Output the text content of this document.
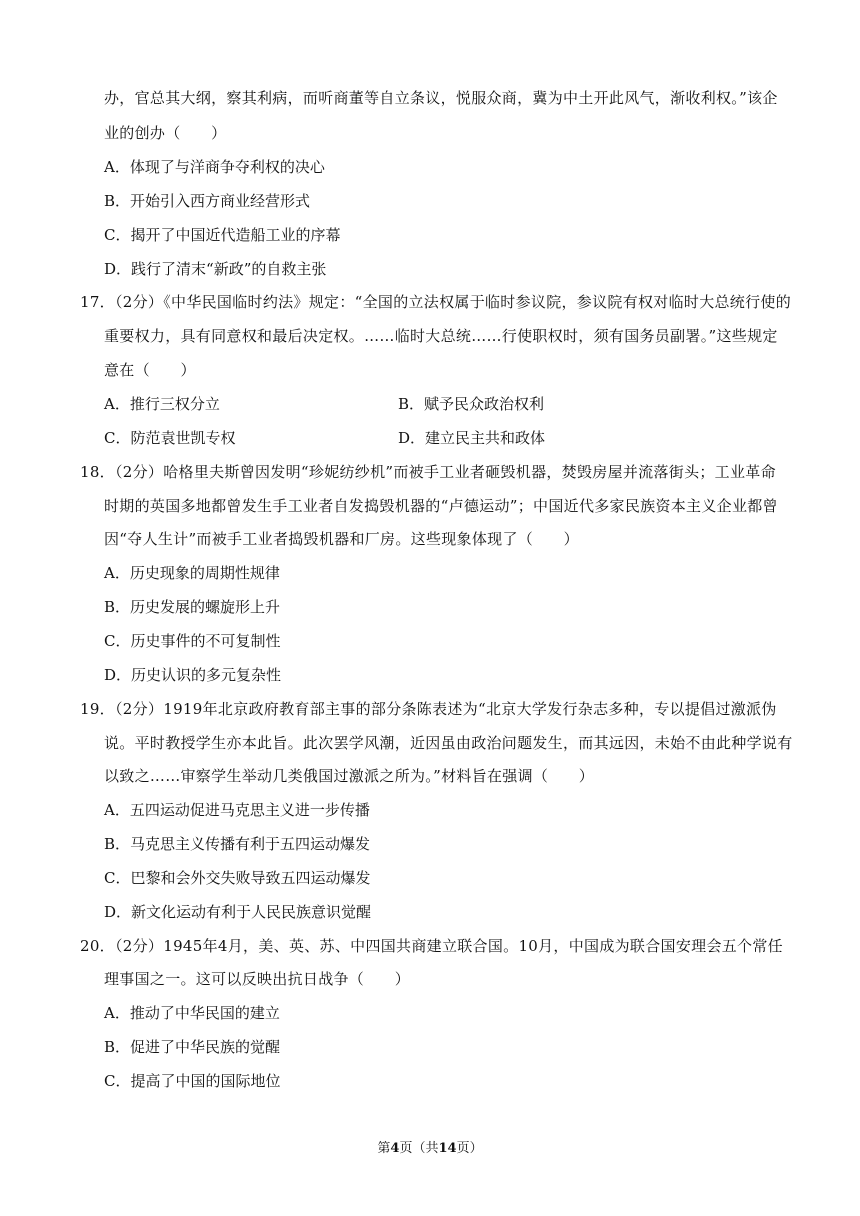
办，官总其大纲，察其利病，而听商董等自立条议，悦服众商，冀为中土开此风气，渐收利权。”该企
业的创办（　　）
A．体现了与洋商争夺利权的决心
B．开始引入西方商业经营形式
C．揭开了中国近代造船工业的序幕
D．践行了清末“新政”的自救主张
17．（2分）《中华民国临时约法》规定：“全国的立法权属于临时参议院，参议院有权对临时大总统行使的
重要权力，具有同意权和最后决定权。……临时大总统……行使职权时，须有国务员副署。”这些规定
意在（　　）
A．推行三权分立	B．赋予民众政治权利
C．防范袁世凯专权	D．建立民主共和政体
18．（2分）哈格里夫斯曾因发明“珍妮纺纱机”而被手工业者砸毁机器，焚毁房屋并流落街头；工业革命
时期的英国多地都曾发生手工业者自发捣毁机器的“卢德运动”；中国近代多家民族资本主义企业都曾
因“夺人生计”而被手工业者捣毁机器和厂房。这些现象体现了（　　）
A．历史现象的周期性规律
B．历史发展的螺旋形上升
C．历史事件的不可复制性
D．历史认识的多元复杂性
19．（2分）1919年北京政府教育部主事的部分条陈表述为“北京大学发行杂志多种，专以提倡过激派伪
说。平时教授学生亦本此旨。此次罢学风潮，近因虽由政治问题发生，而其远因，未始不由此种学说有
以致之……审察学生举动几类俄国过激派之所为。”材料旨在强调（　　）
A．五四运动促进马克思主义进一步传播
B．马克思主义传播有利于五四运动爆发
C．巴黎和会外交失败导致五四运动爆发
D．新文化运动有利于人民民族意识觉醒
20．（2分）1945年4月，美、英、苏、中四国共商建立联合国。10月，中国成为联合国安理会五个常任
理事国之一。这可以反映出抗日战争（　　）
A．推动了中华民国的建立
B．促进了中华民族的觉醒
C．提高了中国的国际地位
第4页（共14页）
